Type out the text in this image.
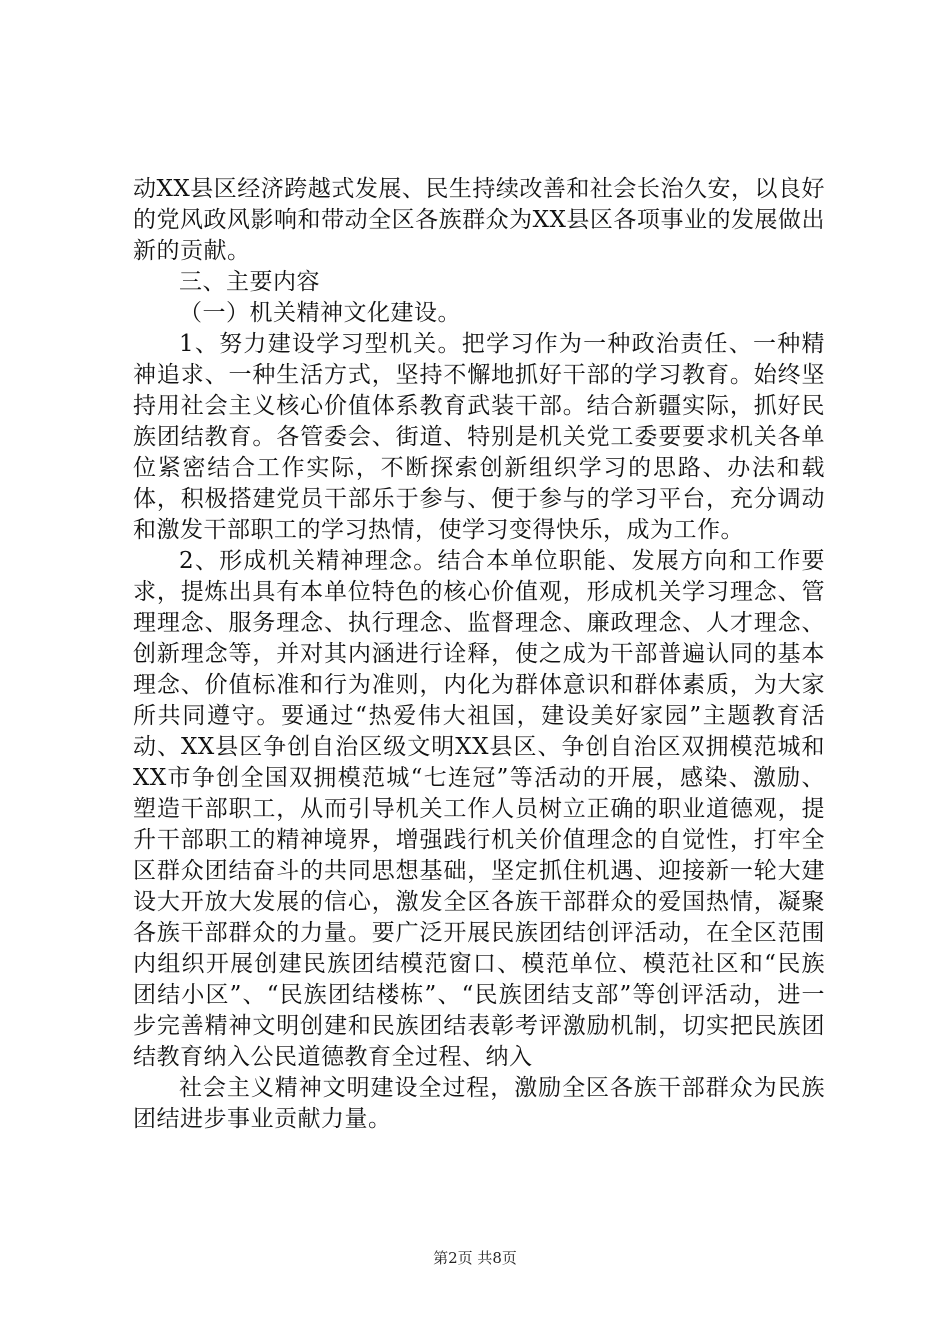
动XX县区经济跨越式发展、民生持续改善和社会长治久安，以良好的党风政风影响和带动全区各族群众为XX县区各项事业的发展做出新的贡献。

三、主要内容

（一）机关精神文化建设。

1、努力建设学习型机关。把学习作为一种政治责任、一种精神追求、一种生活方式，坚持不懈地抓好干部的学习教育。始终坚持用社会主义核心价值体系教育武装干部。结合新疆实际，抓好民族团结教育。各管委会、街道、特别是机关党工委要要求机关各单位紧密结合工作实际，不断探索创新组织学习的思路、办法和载体，积极搭建党员干部乐于参与、便于参与的学习平台，充分调动和激发干部职工的学习热情，使学习变得快乐，成为工作。

2、形成机关精神理念。结合本单位职能、发展方向和工作要求，提炼出具有本单位特色的核心价值观，形成机关学习理念、管理理念、服务理念、执行理念、监督理念、廉政理念、人才理念、创新理念等，并对其内涵进行诠释，使之成为干部普遍认同的基本理念、价值标准和行为准则，内化为群体意识和群体素质，为大家所共同遵守。要通过“热爱伟大祖国，建设美好家园”主题教育活动、XX县区争创自治区级文明XX县区、争创自治区双拥模范城和XX市争创全国双拥模范城“七连冠”等活动的开展，感染、激励、塑造干部职工，从而引导机关工作人员树立正确的职业道德观，提升干部职工的精神境界，增强践行机关价值理念的自觉性，打牢全区群众团结奋斗的共同思想基础，坚定抓住机遇、迎接新一轮大建设大开放大发展的信心，激发全区各族干部群众的爱国热情，凝聚各族干部群众的力量。要广泛开展民族团结创评活动，在全区范围内组织开展创建民族团结模范窗口、模范单位、模范社区和“民族团结小区”、“民族团结楼栋”、“民族团结支部”等创评活动，进一步完善精神文明创建和民族团结表彰考评激励机制，切实把民族团结教育纳入公民道德教育全过程、纳入

社会主义精神文明建设全过程，激励全区各族干部群众为民族团结进步事业贡献力量。

第2页 共8页
